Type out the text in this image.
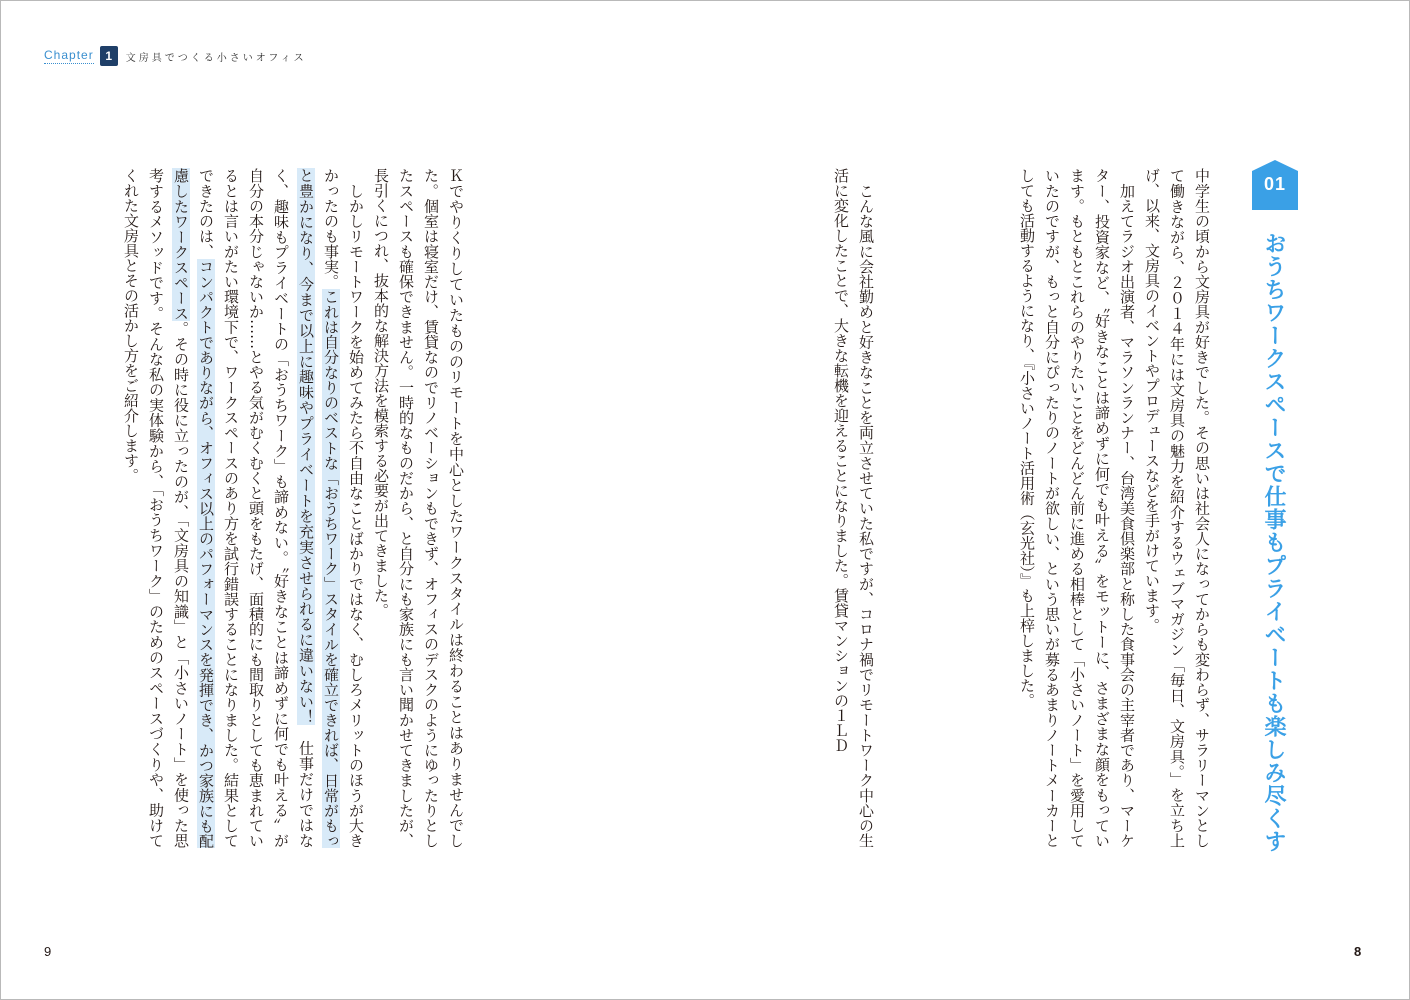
Chapter 1	文房具でつくる小さいオフィス
01

おうちワークスペースで仕事もプライベートも楽しみ尽くす

中学生の頃から文房具が好きでした。その思いは社会人になってからも変わらず、サラリーマンとして働きながら、２０１４年には文房具の魅力を紹介するウェブマガジン「毎日、文房具。」を立ち上げ、以来、文房具のイベントやプロデュースなどを手がけています。
　加えてラジオ出演者、マラソンランナー、台湾美食倶楽部と称した食事会の主宰者であり、マーケター、投資家など、〝好きなことは諦めずに何でも叶える〟をモットーに、さまざまな顔をもっています。もともとこれらのやりたいことをどんどん前に進める相棒として「小さいノート」を愛用していたのですが、もっと自分にぴったりのノートが欲しい、という思いが募るあまりノートメーカーとしても活動するようになり、『小さいノート活用術（玄光社）』も上梓しました。

　こんな風に会社勤めと好きなことを両立させていた私ですが、コロナ禍でリモートワーク中心の生活に変化したことで、大きな転機を迎えることになりました。賃貸マンションの１ＬＤ

Ｋでやりくりしていたもののリモートを中心としたワークスタイルは終わることはありませんでした。個室は寝室だけ、賃貸なのでリノベーションもできず、オフィスのデスクのようにゆったりとしたスペースも確保できません。一時的なものだから、と自分にも家族にも言い聞かせてきましたが、長引くにつれ、抜本的な解決方法を模索する必要が出てきました。
　しかしリモートワークを始めてみたら不自由なことばかりではなく、むしろメリットのほうが大きかったのも事実。これは自分なりのベストな「おうちワーク」スタイルを確立できれば、日常がもっと豊かになり、今まで以上に趣味やプライベートを充実させられるに違いない！　仕事だけではなく、趣味もプライベートの「おうちワーク」も諦めない。〝好きなことは諦めずに何でも叶える〟が自分の本分じゃないか……とやる気がむくむくと頭をもたげ、面積的にも間取りとしても恵まれているとは言いがたい環境下で、ワークスペースのあり方を試行錯誤することになりました。結果としてできたのは、コンパクトでありながら、オフィス以上のパフォーマンスを発揮でき、かつ家族にも配慮したワークスペース。その時に役に立ったのが、「文房具の知識」と「小さいノート」を使った思考するメソッドです。そんな私の実体験から、「おうちワーク」のためのスペースづくりや、助けてくれた文房具とその活かし方をご紹介します。

9	8
